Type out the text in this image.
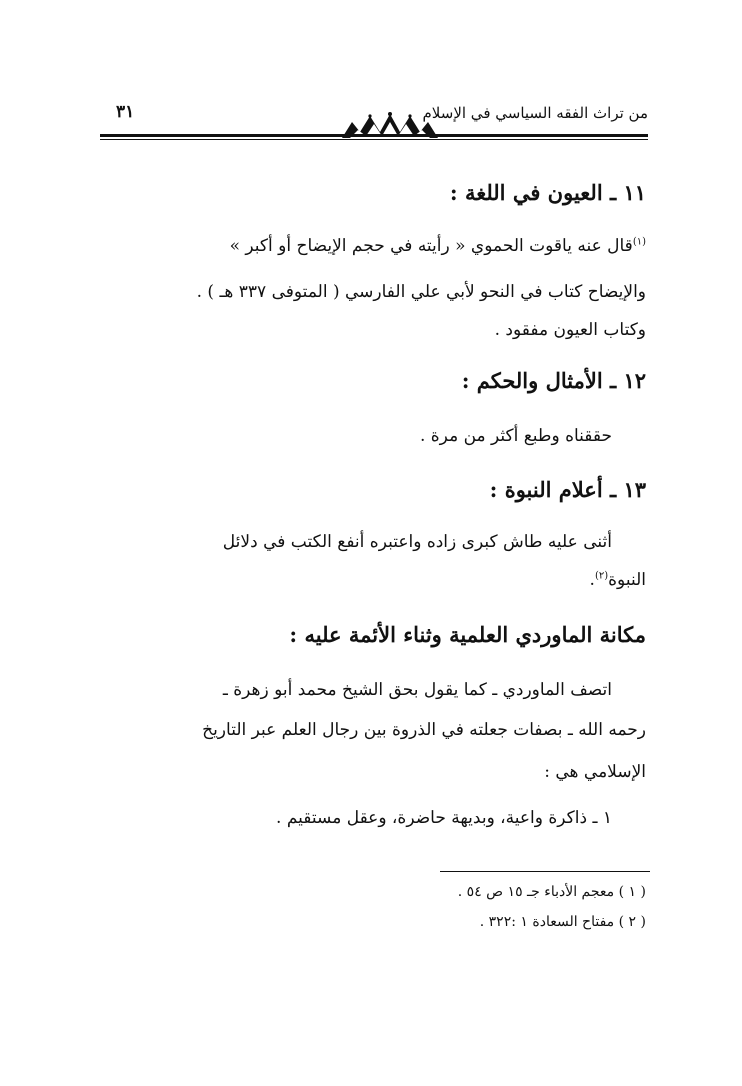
من تراث الفقه السياسي في الإسلام
٣١
١١ ـ العيون في اللغة :
$^{(١)}$قال عنه ياقوت الحموي « رأيته في حجم الإيضاح أو أكبر »
والإيضاح كتاب في النحو لأبي علي الفارسي ( المتوفى ٣٣٧ هـ ) .
وكتاب العيون مفقود .
١٢ ـ الأمثال والحكم :
حققناه وطبع أكثر من مرة .
١٣ ـ أعلام النبوة :
أثنى عليه طاش كبرى زاده واعتبره أنفع الكتب في دلائل
النبوة$^{(٢)}$.
مكانة الماوردي العلمية وثناء الأئمة عليه :
اتصف الماوردي ـ كما يقول بحق الشيخ محمد أبو زهرة ـ
رحمه الله ـ بصفات جعلته في الذروة بين رجال العلم عبر التاريخ
الإسلامي هي :
١ ـ ذاكرة واعية، وبديهة حاضرة، وعقل مستقيم .
( ١ ) معجم الأدباء جـ ١٥ ص ٥٤ .
( ٢ ) مفتاح السعادة ١ :٣٢٢ .
